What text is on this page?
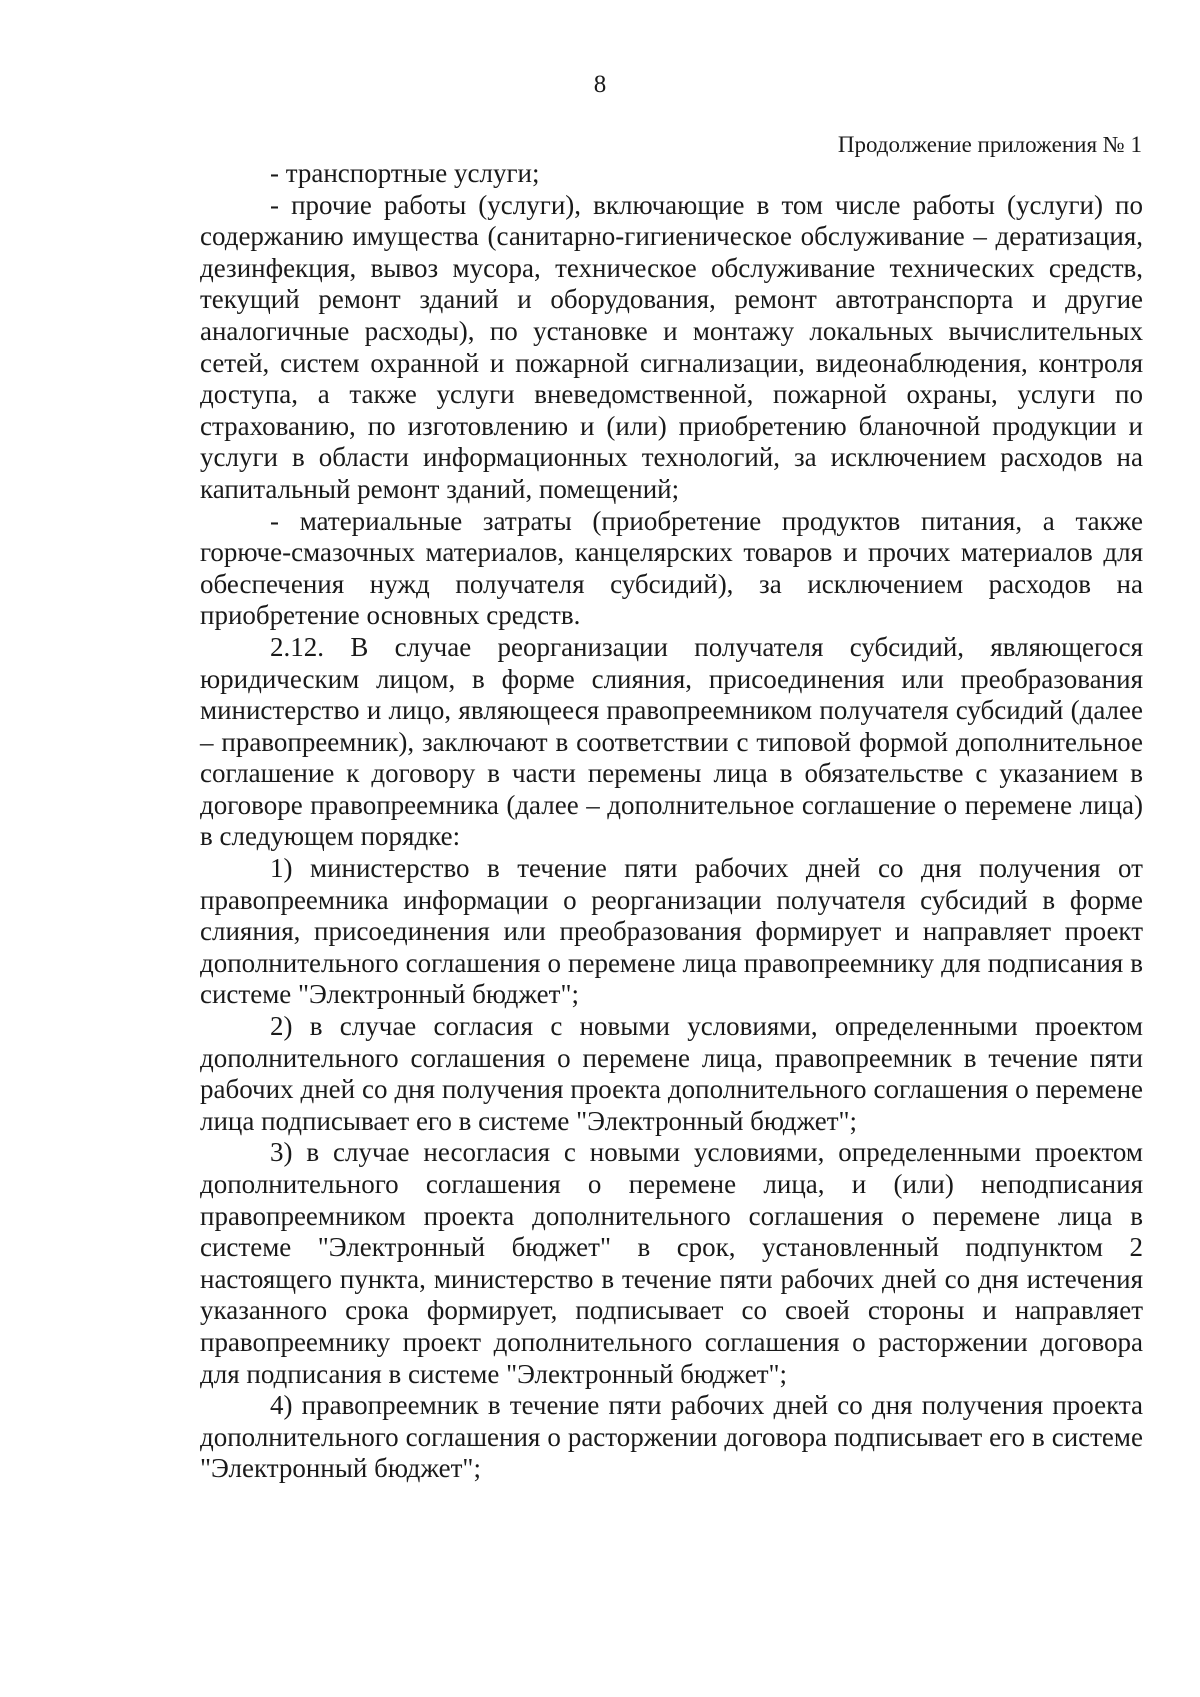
8
Продолжение приложения № 1

- транспортные услуги;

- прочие работы (услуги), включающие в том числе работы (услуги) по содержанию имущества (санитарно-гигиеническое обслуживание – дератизация, дезинфекция, вывоз мусора, техническое обслуживание технических средств, текущий ремонт зданий и оборудования, ремонт автотранспорта и другие аналогичные расходы), по установке и монтажу локальных вычислительных сетей, систем охранной и пожарной сигнализации, видеонаблюдения, контроля доступа, а также услуги вневедомственной, пожарной охраны, услуги по страхованию, по изготовлению и (или) приобретению бланочной продукции и услуги в области информационных технологий, за исключением расходов на капитальный ремонт зданий, помещений;

- материальные затраты (приобретение продуктов питания, а также горюче-смазочных материалов, канцелярских товаров и прочих материалов для обеспечения нужд получателя субсидий), за исключением расходов на приобретение основных средств.

2.12. В случае реорганизации получателя субсидий, являющегося юридическим лицом, в форме слияния, присоединения или преобразования министерство и лицо, являющееся правопреемником получателя субсидий (далее – правопреемник), заключают в соответствии с типовой формой дополнительное соглашение к договору в части перемены лица в обязательстве с указанием в договоре правопреемника (далее – дополнительное соглашение о перемене лица) в следующем порядке:

1) министерство в течение пяти рабочих дней со дня получения от правопреемника информации о реорганизации получателя субсидий в форме слияния, присоединения или преобразования формирует и направляет проект дополнительного соглашения о перемене лица правопреемнику для подписания в системе "Электронный бюджет";

2) в случае согласия с новыми условиями, определенными проектом дополнительного соглашения о перемене лица, правопреемник в течение пяти рабочих дней со дня получения проекта дополнительного соглашения о перемене лица подписывает его в системе "Электронный бюджет";

3) в случае несогласия с новыми условиями, определенными проектом дополнительного соглашения о перемене лица, и (или) неподписания правопреемником проекта дополнительного соглашения о перемене лица в системе "Электронный бюджет" в срок, установленный подпунктом 2 настоящего пункта, министерство в течение пяти рабочих дней со дня истечения указанного срока формирует, подписывает со своей стороны и направляет правопреемнику проект дополнительного соглашения о расторжении договора для подписания в системе "Электронный бюджет";

4) правопреемник в течение пяти рабочих дней со дня получения проекта дополнительного соглашения о расторжении договора подписывает его в системе "Электронный бюджет";
